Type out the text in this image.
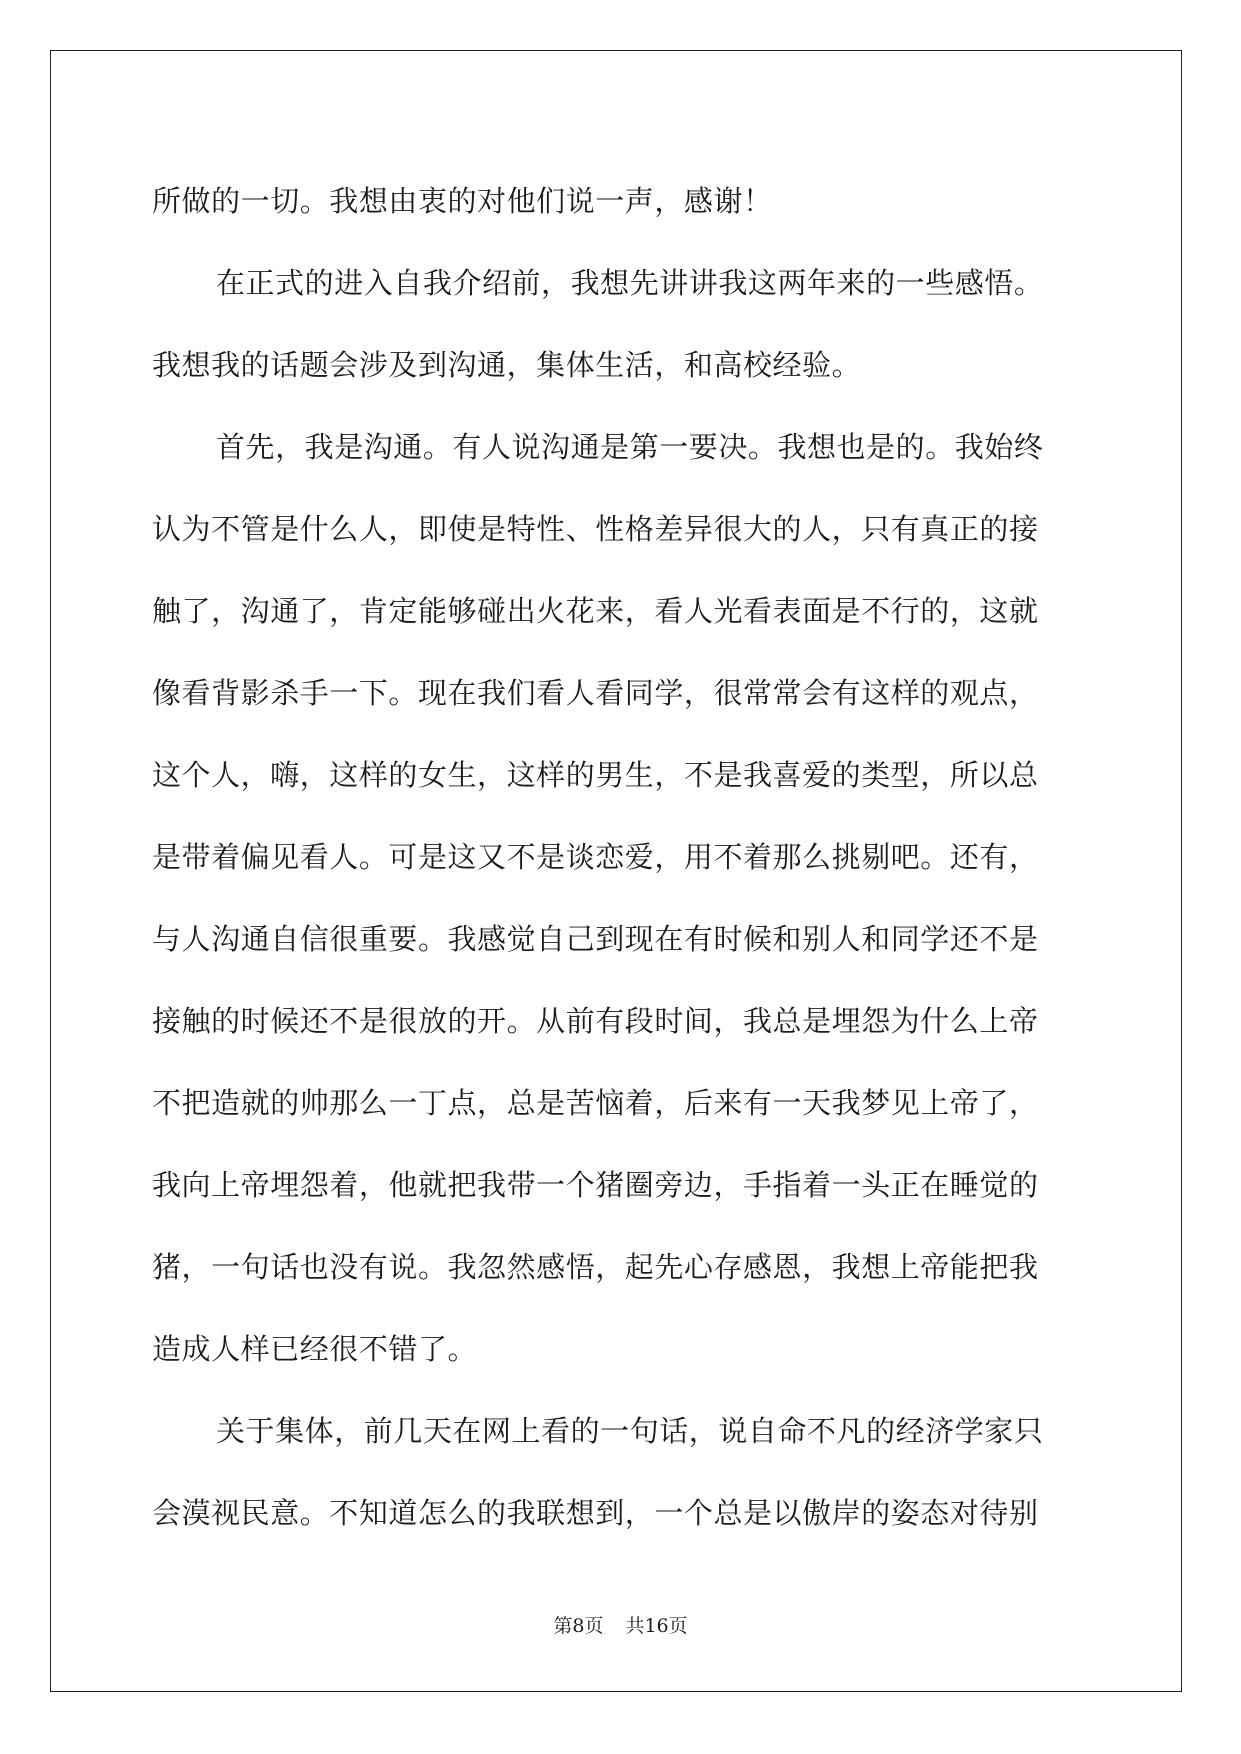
所做的一切。我想由衷的对他们说一声，感谢！
在正式的进入自我介绍前，我想先讲讲我这两年来的一些感悟。
我想我的话题会涉及到沟通，集体生活，和高校经验。
首先，我是沟通。有人说沟通是第一要决。我想也是的。我始终
认为不管是什么人，即使是特性、性格差异很大的人，只有真正的接
触了，沟通了，肯定能够碰出火花来，看人光看表面是不行的，这就
像看背影杀手一下。现在我们看人看同学，很常常会有这样的观点，
这个人，嗨，这样的女生，这样的男生，不是我喜爱的类型，所以总
是带着偏见看人。可是这又不是谈恋爱，用不着那么挑剔吧。还有，
与人沟通自信很重要。我感觉自己到现在有时候和别人和同学还不是
接触的时候还不是很放的开。从前有段时间，我总是埋怨为什么上帝
不把造就的帅那么一丁点，总是苦恼着，后来有一天我梦见上帝了，
我向上帝埋怨着，他就把我带一个猪圈旁边，手指着一头正在睡觉的
猪，一句话也没有说。我忽然感悟，起先心存感恩，我想上帝能把我
造成人样已经很不错了。
关于集体，前几天在网上看的一句话，说自命不凡的经济学家只
会漠视民意。不知道怎么的我联想到，一个总是以傲岸的姿态对待别
第8页 共16页
